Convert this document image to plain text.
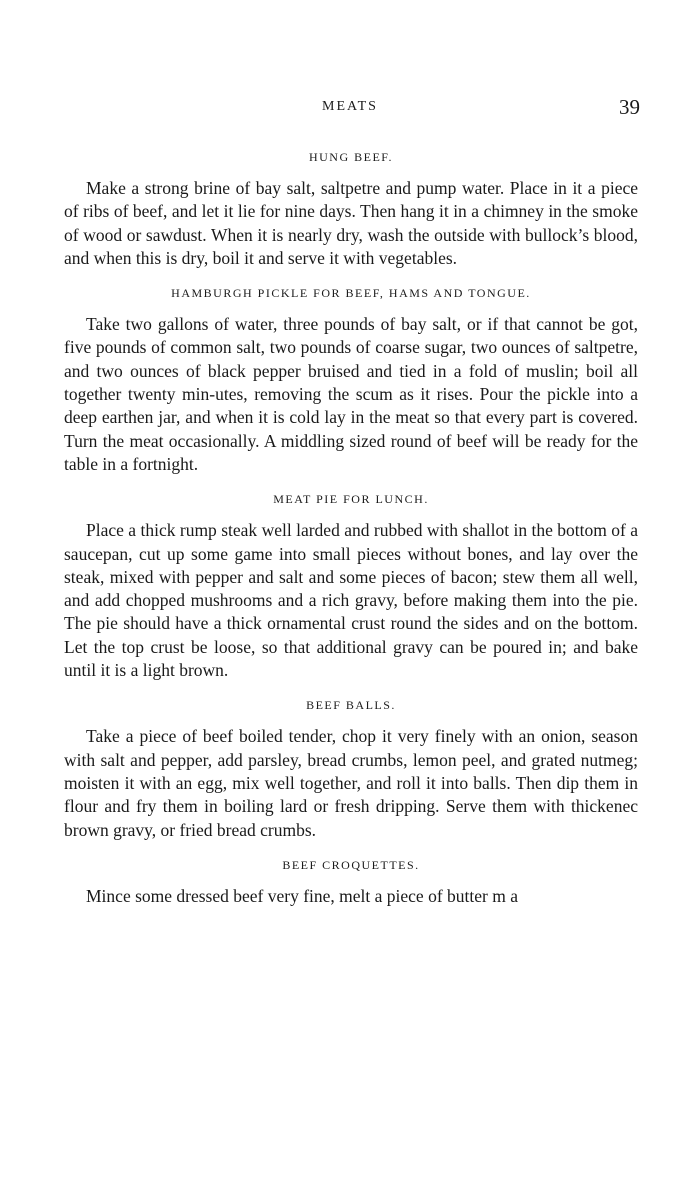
MEATS	39
HUNG BEEF.

Make a strong brine of bay salt, saltpetre and pump water. Place in it a piece of ribs of beef, and let it lie for nine days. Then hang it in a chimney in the smoke of wood or sawdust. When it is nearly dry, wash the outside with bullock’s blood, and when this is dry, boil it and serve it with vegetables.

HAMBURGH PICKLE FOR BEEF, HAMS AND TONGUE.

Take two gallons of water, three pounds of bay salt, or if that cannot be got, five pounds of common salt, two pounds of coarse sugar, two ounces of saltpetre, and two ounces of black pepper bruised and tied in a fold of muslin; boil all together twenty min-utes, removing the scum as it rises. Pour the pickle into a deep earthen jar, and when it is cold lay in the meat so that every part is covered. Turn the meat occasionally. A middling sized round of beef will be ready for the table in a fortnight.

MEAT PIE FOR LUNCH.

Place a thick rump steak well larded and rubbed with shallot in the bottom of a saucepan, cut up some game into small pieces without bones, and lay over the steak, mixed with pepper and salt and some pieces of bacon; stew them all well, and add chopped mushrooms and a rich gravy, before making them into the pie. The pie should have a thick ornamental crust round the sides and on the bottom. Let the top crust be loose, so that additional gravy can be poured in; and bake until it is a light brown.

BEEF BALLS.

Take a piece of beef boiled tender, chop it very finely with an onion, season with salt and pepper, add parsley, bread crumbs, lemon peel, and grated nutmeg; moisten it with an egg, mix well together, and roll it into balls. Then dip them in flour and fry them in boiling lard or fresh dripping. Serve them with thickenec brown gravy, or fried bread crumbs.

BEEF CROQUETTES.

Mince some dressed beef very fine, melt a piece of butter m a
